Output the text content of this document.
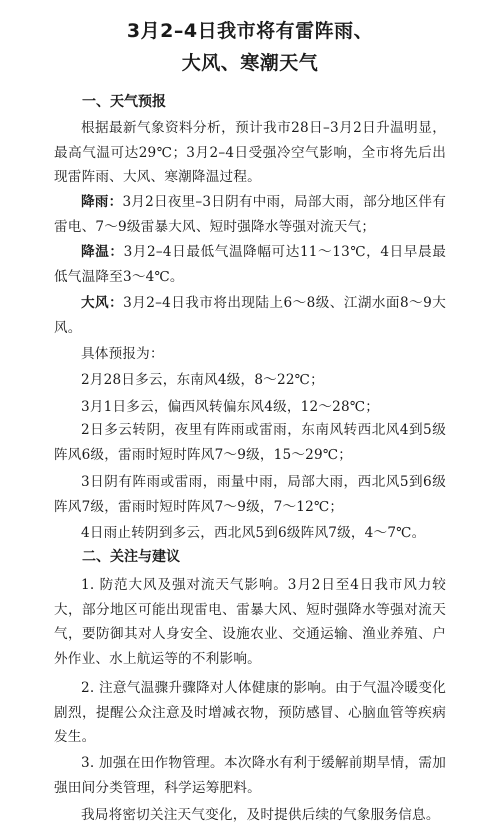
3月2–4日我市将有雷阵雨、
大风、寒潮天气
一、天气预报
根据最新气象资料分析，预计我市28日–3月2日升温明显，最高气温可达29℃；3月2–4日受强冷空气影响，全市将先后出现雷阵雨、大风、寒潮降温过程。
降雨：3月2日夜里–3日阴有中雨，局部大雨，部分地区伴有雷电、7～9级雷暴大风、短时强降水等强对流天气；
降温：3月2–4日最低气温降幅可达11～13℃，4日早晨最低气温降至3～4℃。
大风：3月2–4日我市将出现陆上6～8级、江湖水面8～9大风。
具体预报为：
2月28日多云，东南风4级，8～22℃；
3月1日多云，偏西风转偏东风4级，12～28℃；
2日多云转阴，夜里有阵雨或雷雨，东南风转西北风4到5级阵风6级，雷雨时短时阵风7～9级，15～29℃；
3日阴有阵雨或雷雨，雨量中雨，局部大雨，西北风5到6级阵风7级，雷雨时短时阵风7～9级，7～12℃；
4日雨止转阴到多云，西北风5到6级阵风7级，4～7℃。
二、关注与建议
1. 防范大风及强对流天气影响。3月2日至4日我市风力较大，部分地区可能出现雷电、雷暴大风、短时强降水等强对流天气，要防御其对人身安全、设施农业、交通运输、渔业养殖、户外作业、水上航运等的不利影响。
2. 注意气温骤升骤降对人体健康的影响。由于气温冷暖变化剧烈，提醒公众注意及时增减衣物，预防感冒、心脑血管等疾病发生。
3. 加强在田作物管理。本次降水有利于缓解前期旱情，需加强田间分类管理，科学运筹肥料。
我局将密切关注天气变化，及时提供后续的气象服务信息。
